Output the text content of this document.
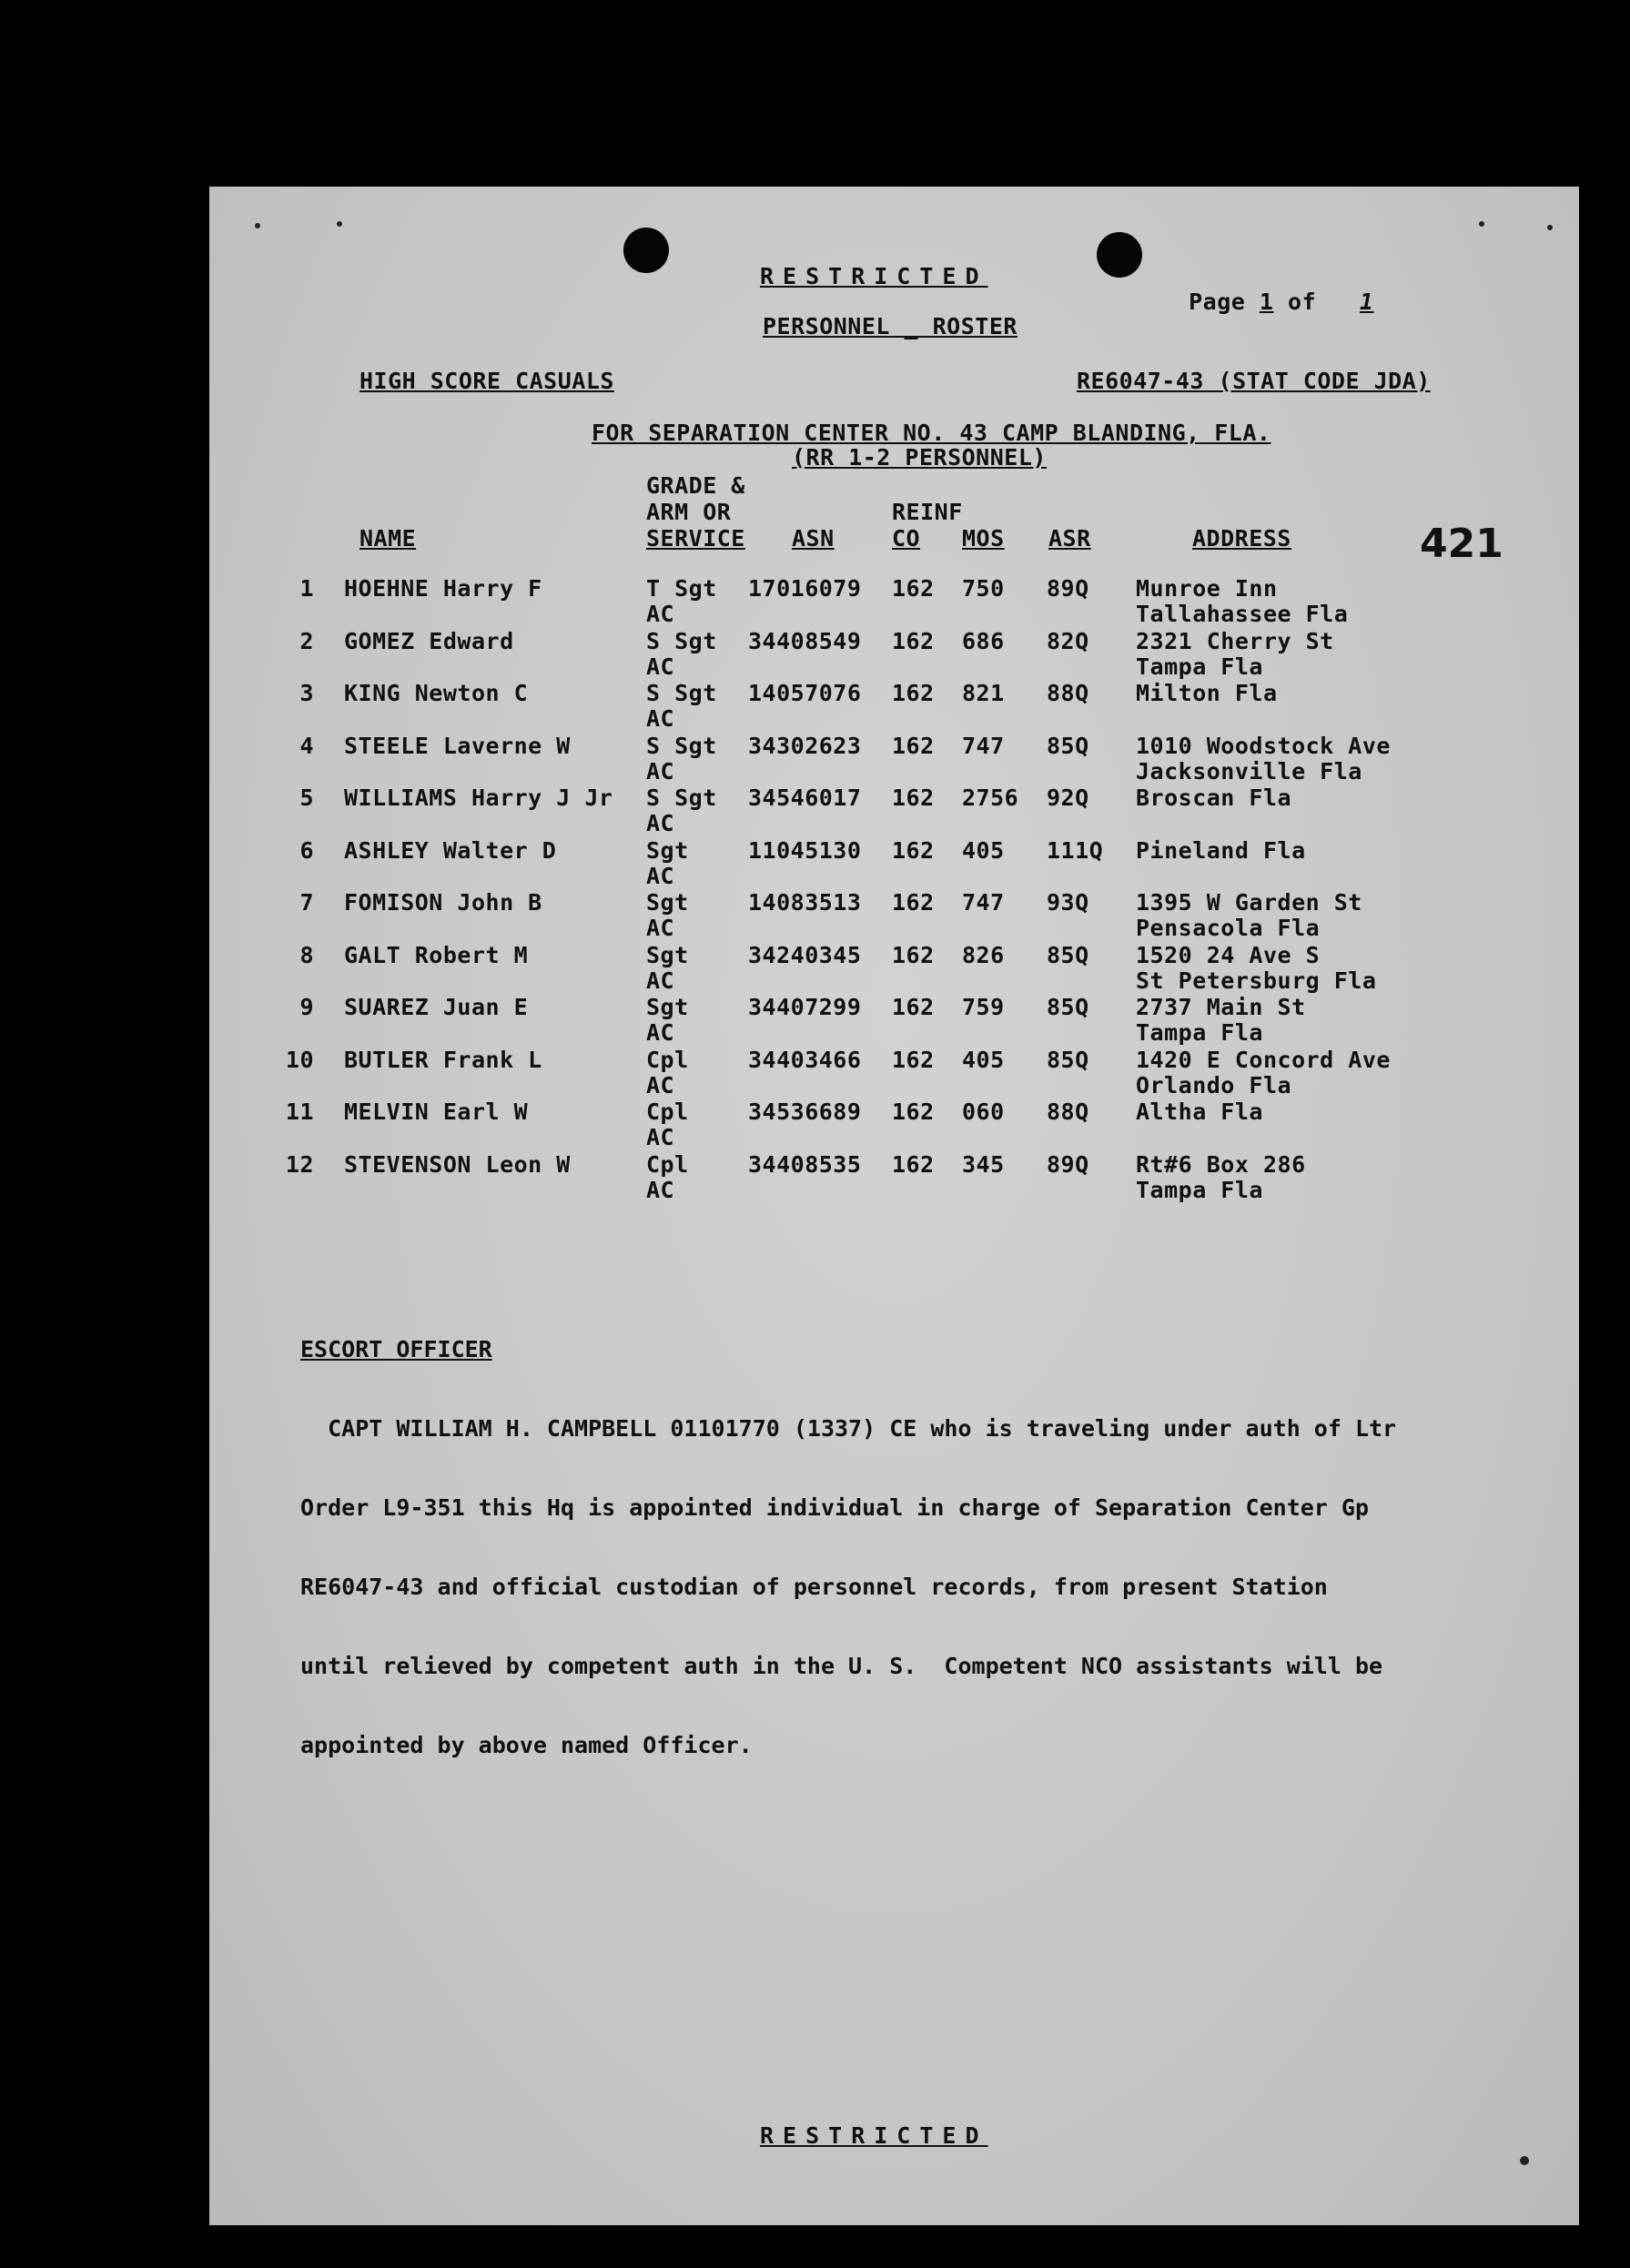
RESTRICTED

Page 1 of 1

PERSONNEL _ ROSTER
HIGH SCORE CASUALS	RE6047-43 (STAT CODE JDA)
FOR SEPARATION CENTER NO. 43 CAMP BLANDING, FLA.
(RR 1-2 PERSONNEL)
421
GRADE &
ARM OR	REINF
NAME	SERVICE ASN	CO MOS ASR	ADDRESS
1 HOEHNE Harry F	T Sgt 17016079 162 750 89Q Munroe Inn
AC	Tallahassee Fla
2 GOMEZ Edward	S Sgt 34408549 162 686 82Q 2321 Cherry St
AC	Tampa Fla
3 KING Newton C	S Sgt 14057076 162 821 88Q Milton Fla
AC
4 STEELE Laverne W	S Sgt 34302623 162 747 85Q 1010 Woodstock Ave
AC	Jacksonville Fla
5 WILLIAMS Harry J Jr S Sgt 34546017 162 2756 92Q Broscan Fla
AC
6 ASHLEY Walter D	Sgt	11045130 162 405 111Q Pineland Fla
AC
7 FOMISON John B	Sgt	14083513 162 747 93Q 1395 W Garden St
AC	Pensacola Fla
8 GALT Robert M	Sgt	34240345 162 826 85Q 1520 24 Ave S
AC	St Petersburg Fla
9 SUAREZ Juan E	Sgt	34407299 162 759 85Q 2737 Main St
AC	Tampa Fla
10 BUTLER Frank L	Cpl	34403466 162 405 85Q 1420 E Concord Ave
AC	Orlando Fla
11 MELVIN Earl W	Cpl	34536689 162 060 88Q Altha Fla
AC
12 STEVENSON Leon W	Cpl	34408535 162 345 89Q Rt#6 Box 286
AC	Tampa Fla

ESCORT OFFICER

CAPT WILLIAM H. CAMPBELL 01101770 (1337) CE who is traveling under auth of Ltr

Order L9-351 this Hq is appointed individual in charge of Separation Center Gp

RE6047-43 and official custodian of personnel records, from present Station

until relieved by competent auth in the U. S.  Competent NCO assistants will be

appointed by above named Officer.

RESTRICTED
